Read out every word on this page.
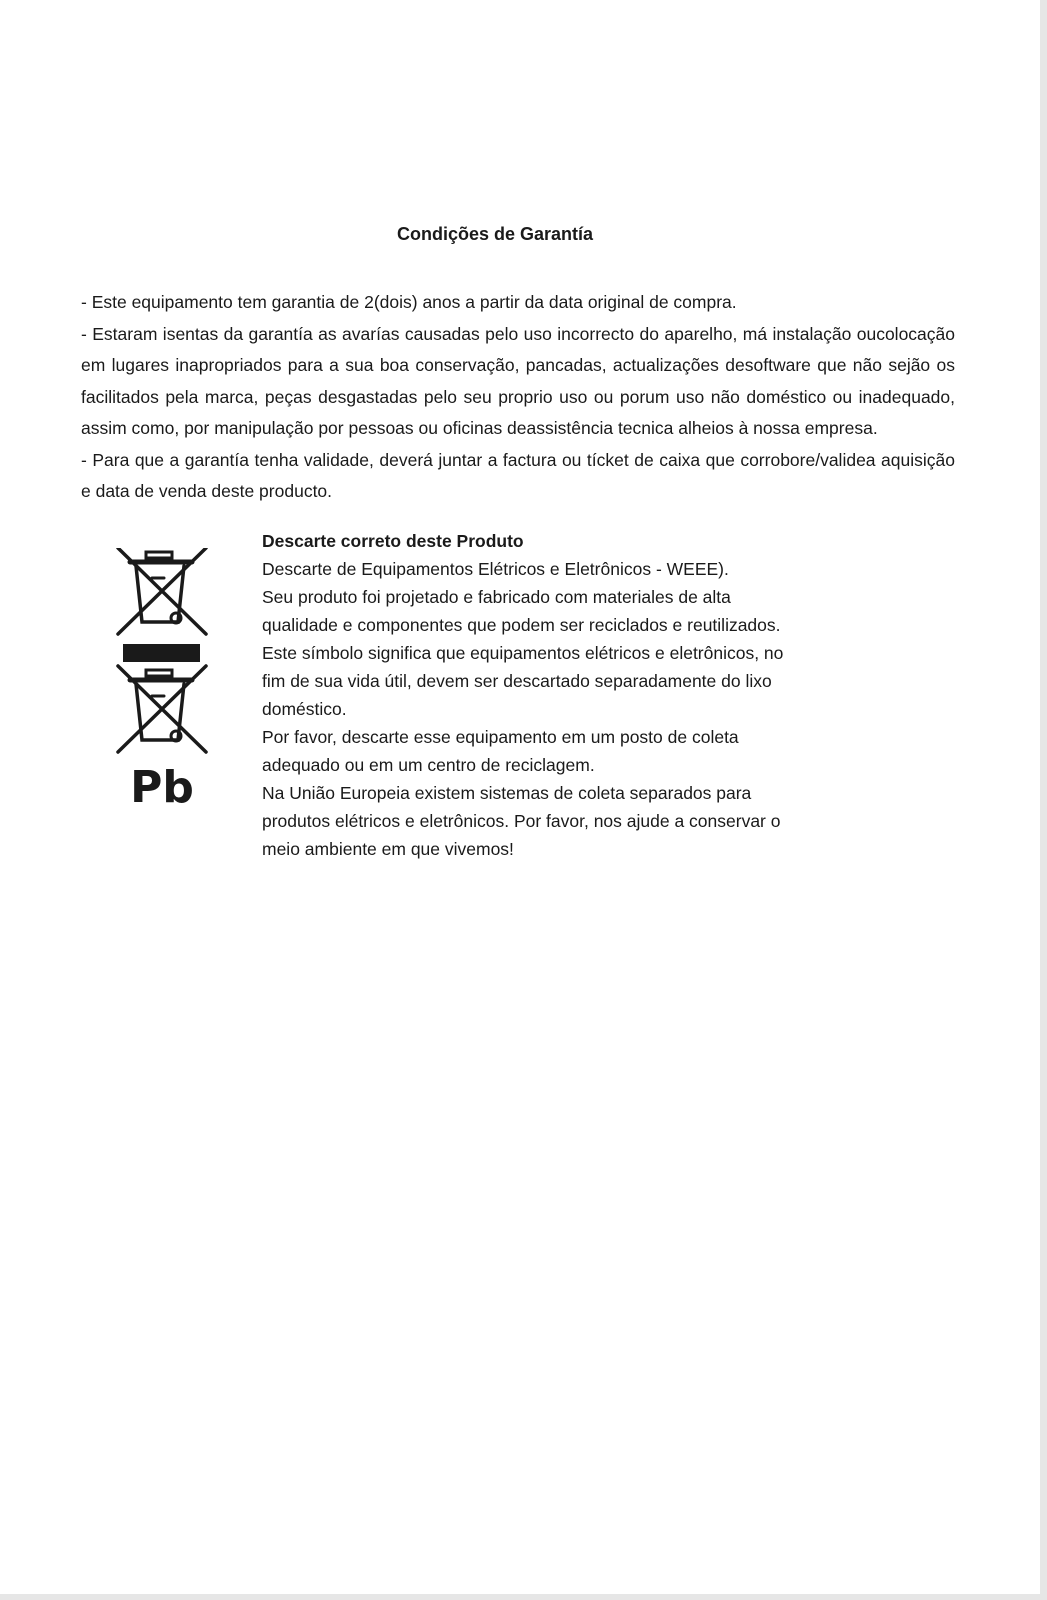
Condições de Garantía

- Este equipamento tem garantia de 2(dois) anos a partir da data original de compra.

- Estaram isentas da garantía as avarías causadas pelo uso incorrecto do aparelho, má instalação oucolocação em lugares inapropriados para a sua boa conservação, pancadas, actualizações desoftware que não sejão os facilitados pela marca, peças desgastadas pelo seu proprio uso ou porum uso não doméstico ou inadequado, assim como, por manipulação por pessoas ou oficinas deassistência tecnica alheios à nossa empresa.

- Para que a garantía tenha validade, deverá juntar a factura ou tícket de caixa que corrobore/validea aquisição e data de venda deste producto.

Pb

Descarte correto deste Produto

Descarte de Equipamentos Elétricos e Eletrônicos - WEEE).

Seu produto foi projetado e fabricado com materiales de alta

qualidade e componentes que podem ser reciclados e reutilizados.

Este símbolo significa que equipamentos elétricos e eletrônicos, no

fim de sua vida útil, devem ser descartado separadamente do lixo

doméstico.

Por favor, descarte esse equipamento em um posto de coleta

adequado ou em um centro de reciclagem.

Na União Europeia existem sistemas de coleta separados para

produtos elétricos e eletrônicos. Por favor, nos ajude a conservar o

meio ambiente em que vivemos!
